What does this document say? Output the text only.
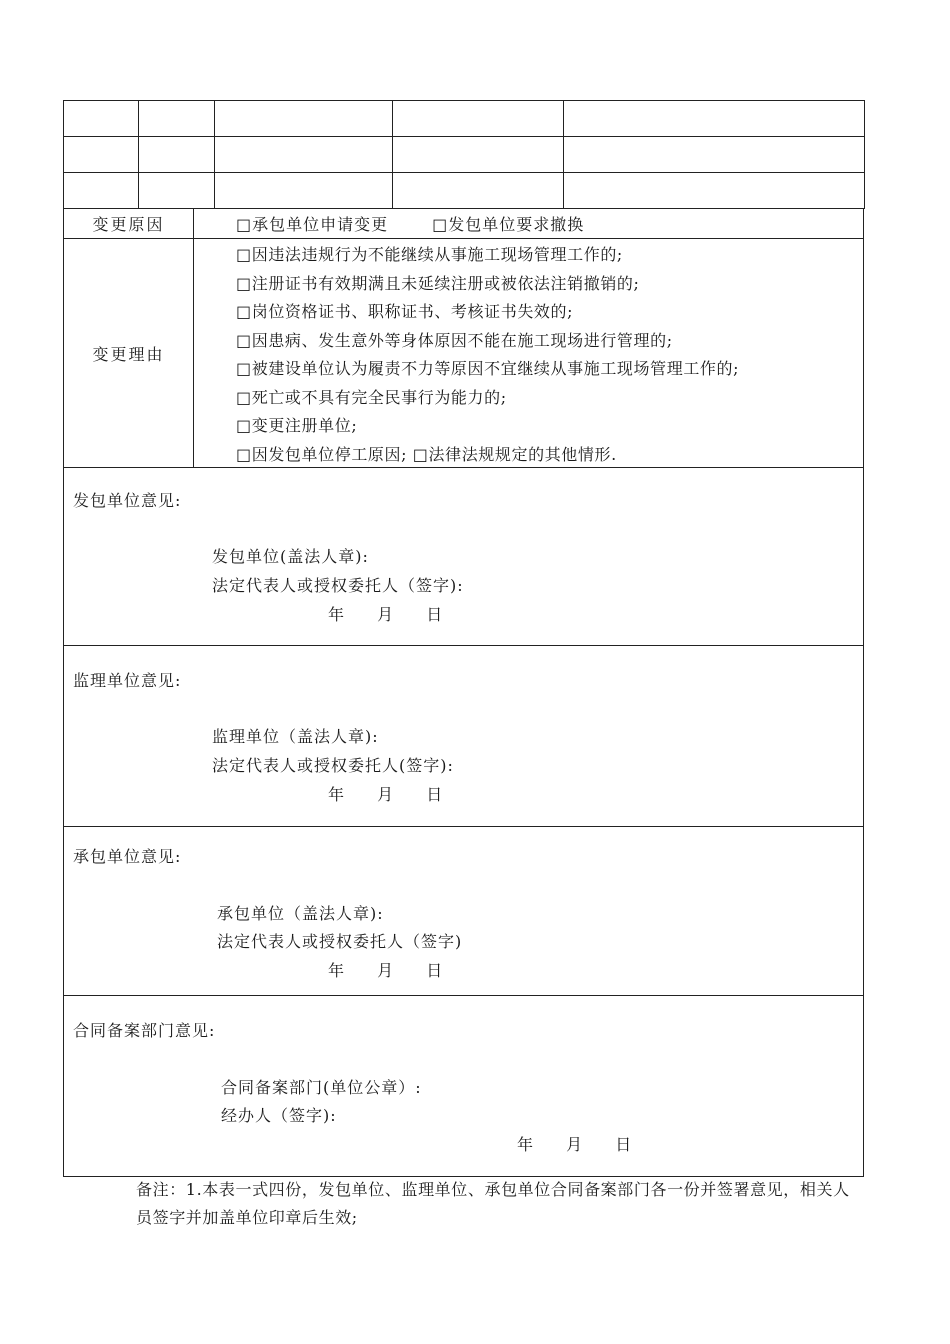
变更原因	□承包单位申请变更	□发包单位要求撤换
变更理由
□因违法违规行为不能继续从事施工现场管理工作的;
□注册证书有效期满且未延续注册或被依法注销撤销的;
□岗位资格证书、职称证书、考核证书失效的;
□因患病、发生意外等身体原因不能在施工现场进行管理的;
□被建设单位认为履责不力等原因不宜继续从事施工现场管理工作的;
□死亡或不具有完全民事行为能力的;
□变更注册单位;
□因发包单位停工原因; □法律法规规定的其他情形.
发包单位意见:
发包单位(盖法人章):
法定代表人或授权委托人（签字):
年 月 日
监理单位意见:
监理单位（盖法人章):
法定代表人或授权委托人(签字):
年 月 日
承包单位意见:
承包单位（盖法人章):
法定代表人或授权委托人（签字)
年 月 日
合同备案部门意见:
合同备案部门(单位公章）:
经办人（签字):
年 月 日
备注：1.本表一式四份，发包单位、监理单位、承包单位合同备案部门各一份并签署意见，相关人员签字并加盖单位印章后生效;
